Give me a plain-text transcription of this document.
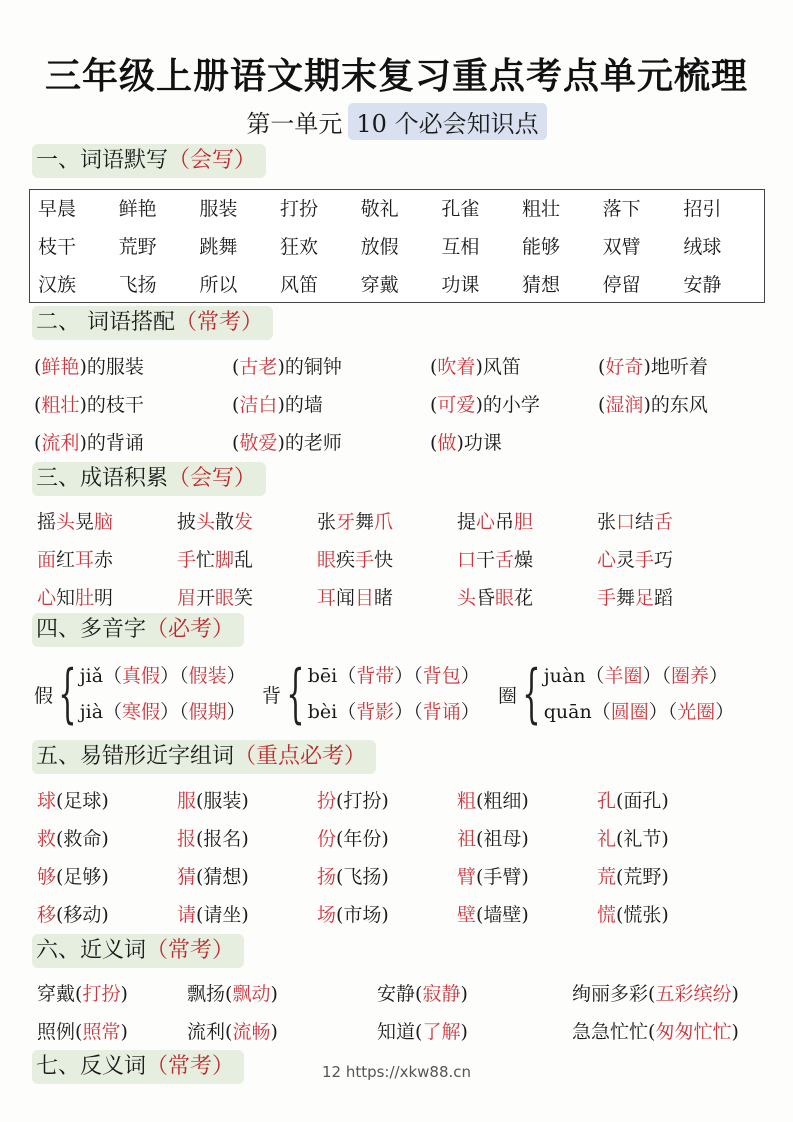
三年级上册语文期末复习重点考点单元梳理
第一单元 10 个必会知识点
一、词语默写（会写）
早晨	鲜艳	服装	打扮	敬礼	孔雀	粗壮	落下	招引
枝干	荒野	跳舞	狂欢	放假	互相	能够	双臂	绒球
汉族	飞扬	所以	风笛	穿戴	功课	猜想	停留	安静
二、 词语搭配（常考）
(鲜艳)的服装	(古老)的铜钟	(吹着)风笛	(好奇)地听着
(粗壮)的枝干	(洁白)的墙	(可爱)的小学	(湿润)的东风
(流利)的背诵	(敬爱)的老师	(做)功课
三、成语积累（会写）
摇头晃脑	披头散发	张牙舞爪	提心吊胆	张口结舌
面红耳赤	手忙脚乱	眼疾手快	口干舌燥	心灵手巧
心知肚明	眉开眼笑	耳闻目睹	头昏眼花	手舞足蹈
四、多音字（必考）
假 { jiǎ（真假）（假装）
jià（寒假）（假期）
背 { bēi（背带）（背包）
bèi（背影）（背诵）
圈 { juàn（羊圈）（圈养）
quān（圆圈）（光圈）
五、易错形近字组词（重点必考）
球(足球)	服(服装)	扮(打扮)	粗(粗细)	孔(面孔)
救(救命)	报(报名)	份(年份)	祖(祖母)	礼(礼节)
够(足够)	猜(猜想)	扬(飞扬)	臂(手臂)	荒(荒野)
移(移动)	请(请坐)	场(市场)	壁(墙壁)	慌(慌张)
六、近义词（常考）
穿戴(打扮)	飘扬(飘动)	安静(寂静)	绚丽多彩(五彩缤纷)
照例(照常)	流利(流畅)	知道(了解)	急急忙忙(匆匆忙忙)
七、反义词（常考）	12 https://xkw88.cn
